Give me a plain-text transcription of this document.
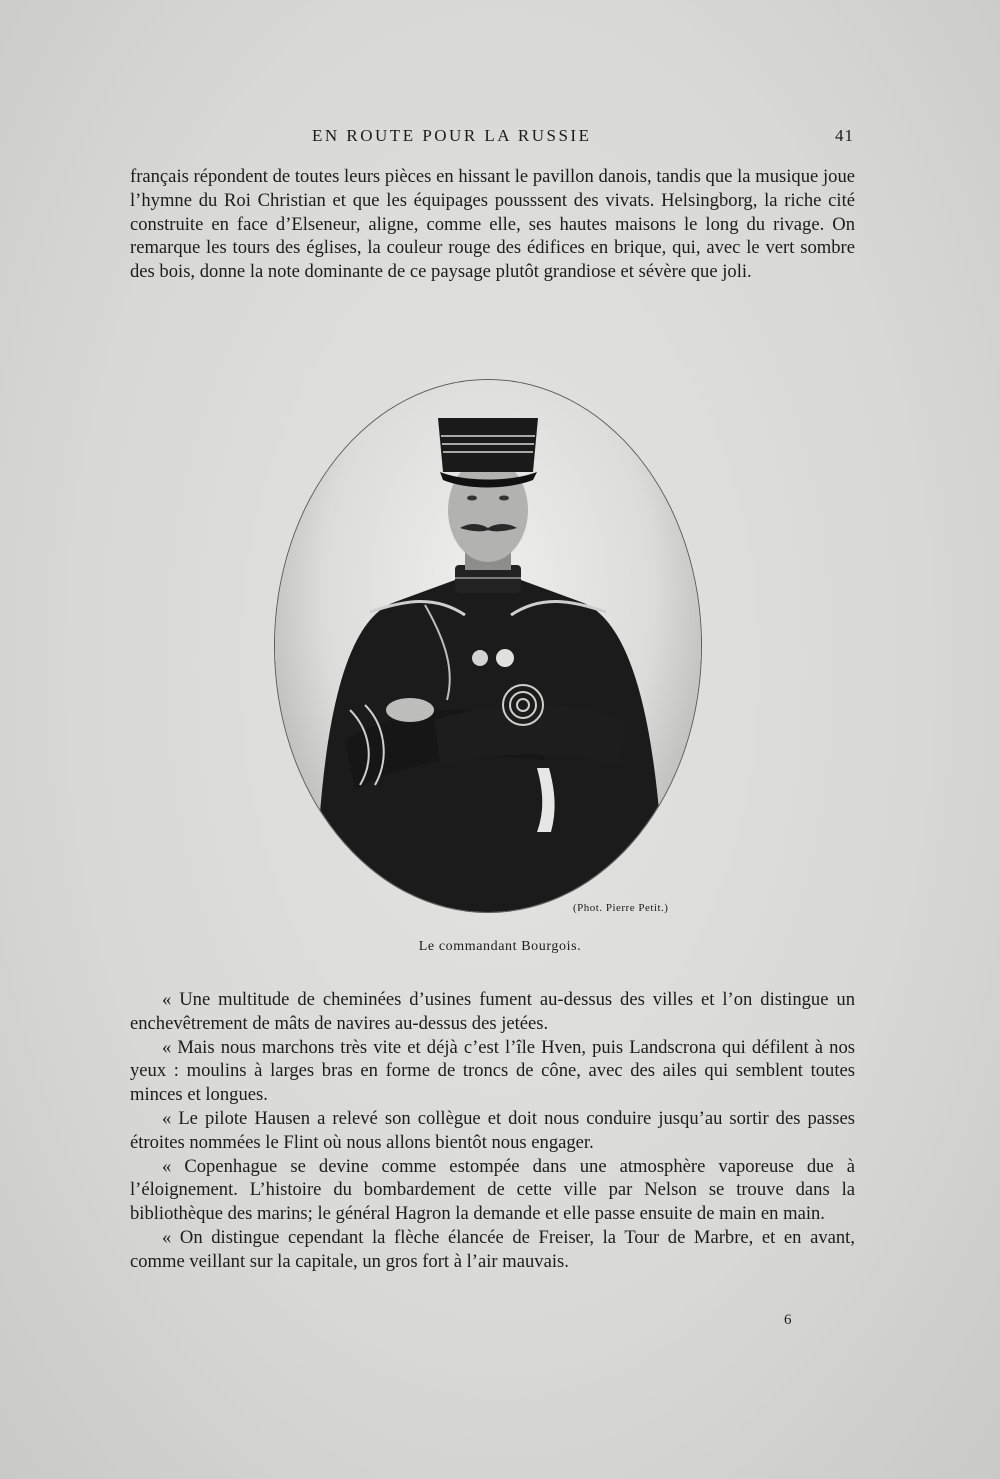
EN ROUTE POUR LA RUSSIE	41

français répondent de toutes leurs pièces en hissant le pavillon danois, tandis que la musique joue l’hymne du Roi Christian et que les équipages pousssent des vivats. Helsingborg, la riche cité construite en face d’Elseneur, aligne, comme elle, ses hautes maisons le long du rivage. On remarque les tours des églises, la couleur rouge des édifices en brique, qui, avec le vert sombre des bois, donne la note dominante de ce paysage plutôt grandiose et sévère que joli.

(Phot. Pierre Petit.)
Le commandant Bourgois.

« Une multitude de cheminées d’usines fument au-dessus des villes et l’on distingue un enchevêtrement de mâts de navires au-dessus des jetées.

« Mais nous marchons très vite et déjà c’est l’île Hven, puis Landscrona qui défilent à nos yeux : moulins à larges bras en forme de troncs de cône, avec des ailes qui semblent toutes minces et longues.

« Le pilote Hausen a relevé son collègue et doit nous conduire jusqu’au sortir des passes étroites nommées le Flint où nous allons bientôt nous engager.

« Copenhague se devine comme estompée dans une atmosphère vaporeuse due à l’éloignement. L’histoire du bombardement de cette ville par Nelson se trouve dans la bibliothèque des marins; le général Hagron la demande et elle passe ensuite de main en main.

« On distingue cependant la flèche élancée de Freiser, la Tour de Marbre, et en avant, comme veillant sur la capitale, un gros fort à l’air mauvais.

6
